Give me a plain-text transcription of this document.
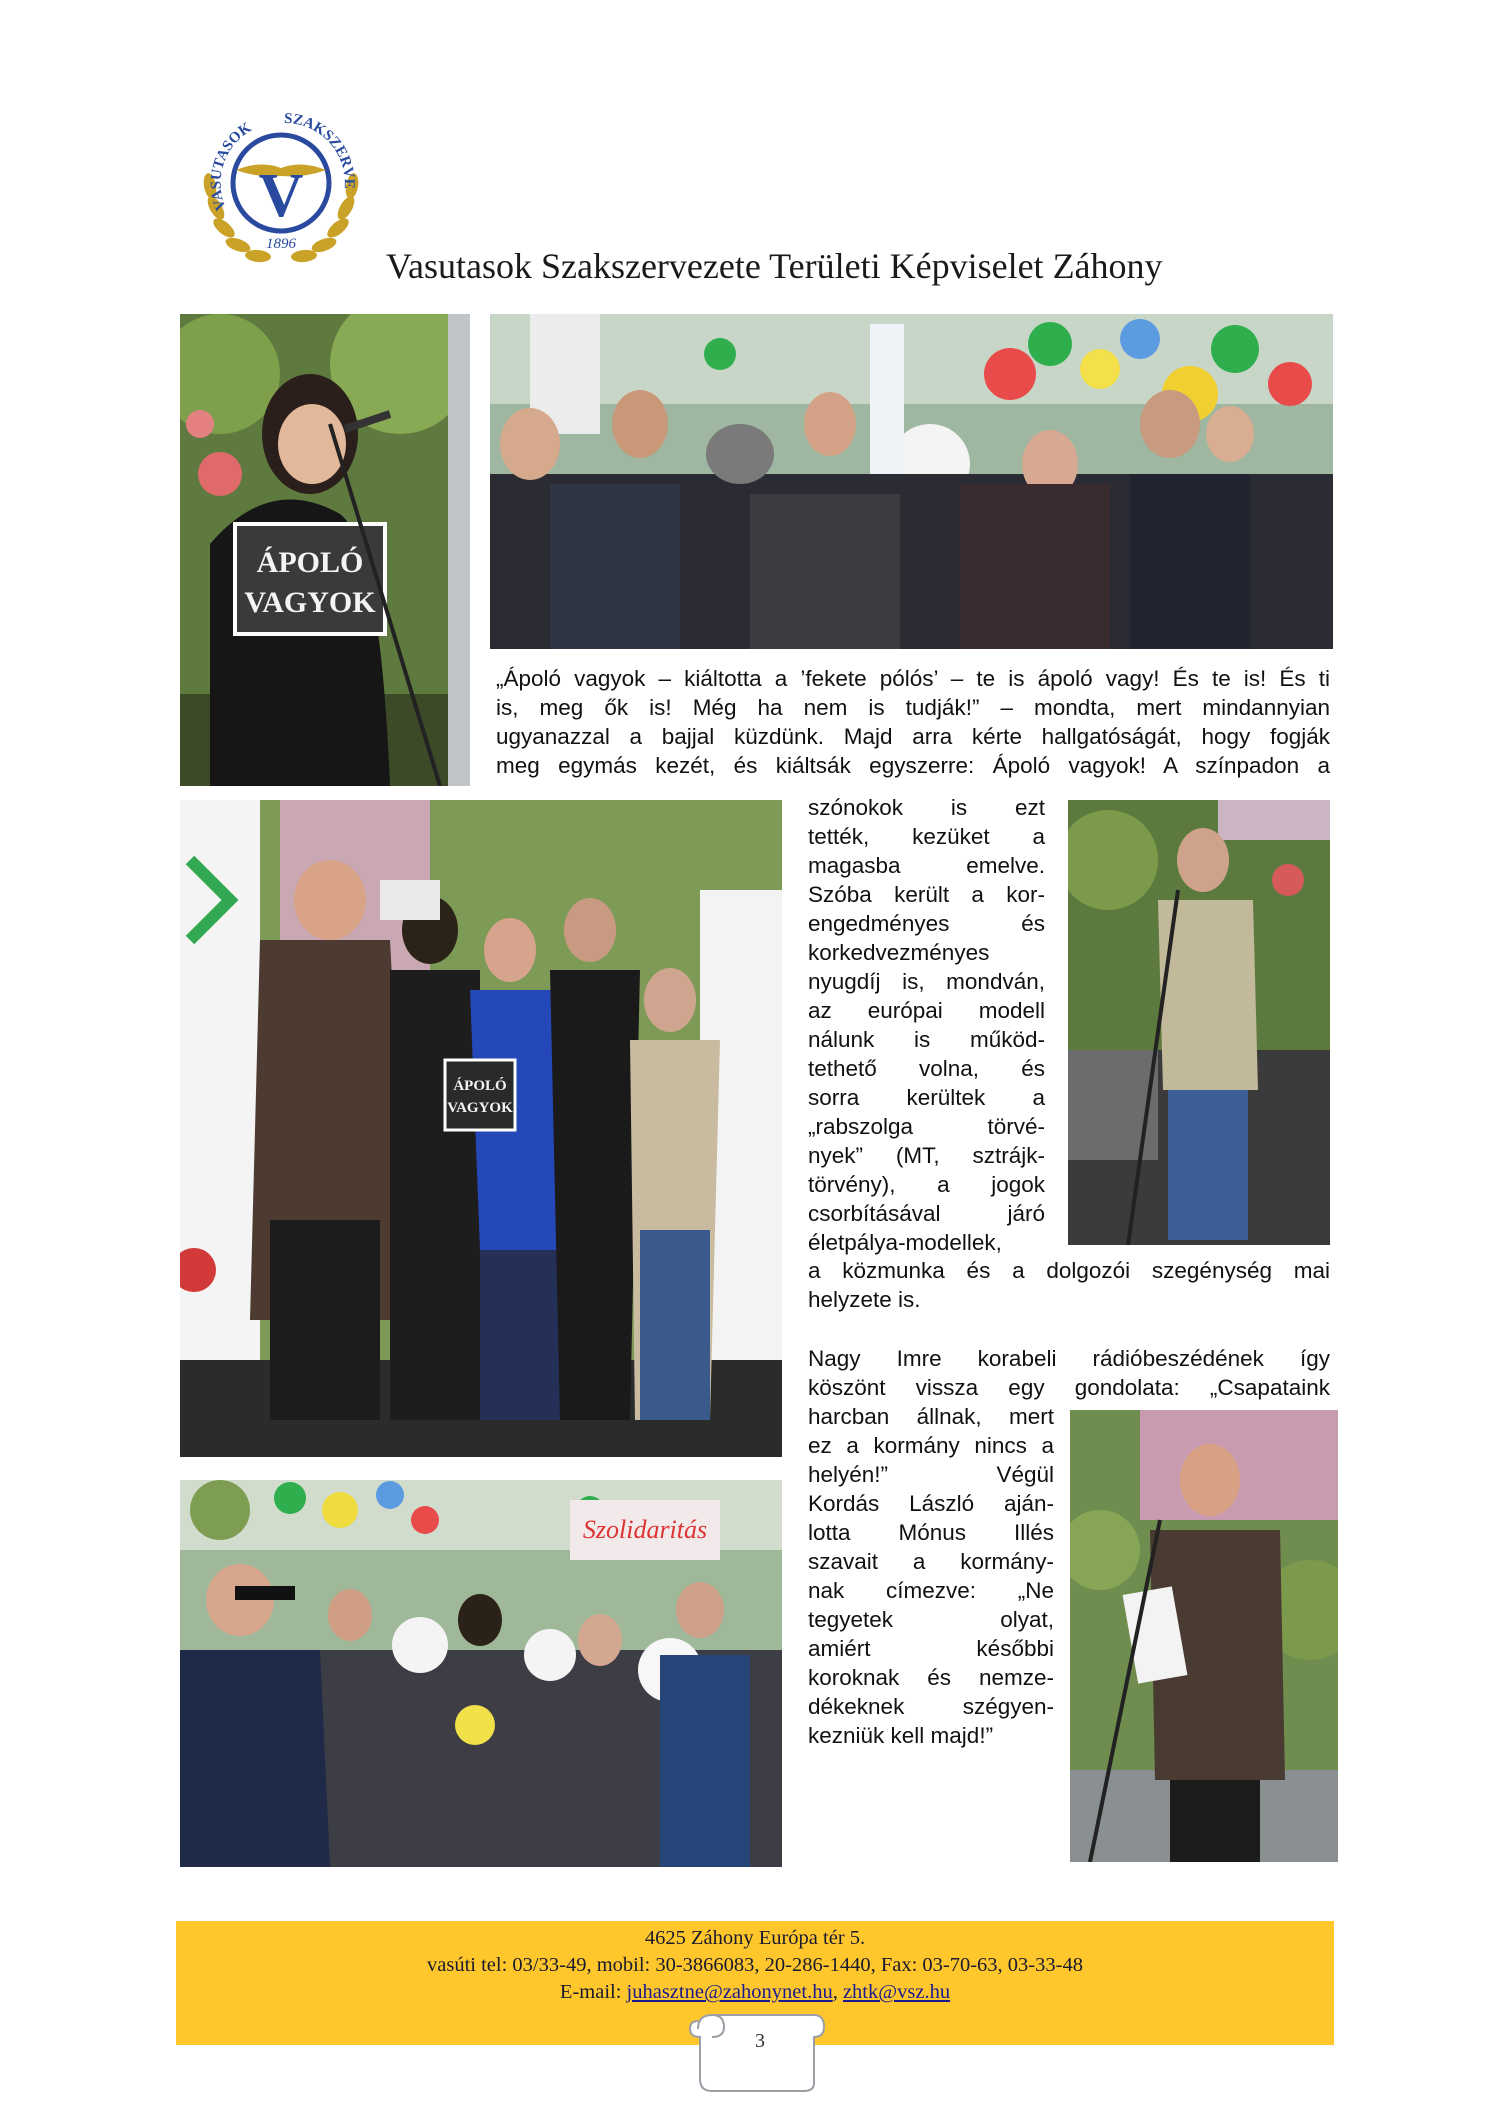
V
VASUTASOK
SZAKSZERVE
1896
Vasutasok Szakszervezete Területi Képviselet Záhony
ÁPOLÓ
VAGYOK
„Ápoló vagyok – kiáltotta a ’fekete pólós’ – te is ápoló vagy! És te is! És ti
is, meg ők is! Még ha nem is tudják!” – mondta, mert mindannyian
ugyanazzal a bajjal küzdünk. Majd arra kérte hallgatóságát, hogy fogják
meg egymás kezét, és kiáltsák egyszerre: Ápoló vagyok! A színpadon a
ÁPOLÓ
VAGYOK
szónokok is ezt
tették, kezüket a
magasba emelve.
Szóba került a kor-
engedményes és
korkedvezményes
nyugdíj is, mondván,
az európai modell
nálunk is működ-
tethető volna, és
sorra kerültek a
„rabszolga törvé-
nyek” (MT, sztrájk-
törvény), a jogok
csorbításával járó
életpálya-modellek,
a közmunka és a dolgozói szegénység mai
helyzete is.
Nagy Imre korabeli rádióbeszédének így
köszönt vissza egy gondolata: „Csapataink
harcban állnak, mert
ez a kormány nincs a
helyén!” Végül
Kordás László aján-
lotta Mónus Illés
szavait a kormány-
nak címezve: „Ne
tegyetek olyat,
amiért későbbi
koroknak és nemze-
dékeknek szégyen-
kezniük kell majd!”
Szolidaritás
4625 Záhony Európa tér 5.
vasúti tel: 03/33-49, mobil: 30-3866083, 20-286-1440, Fax: 03-70-63, 03-33-48
E-mail: juhasztne@zahonynet.hu, zhtk@vsz.hu
3
